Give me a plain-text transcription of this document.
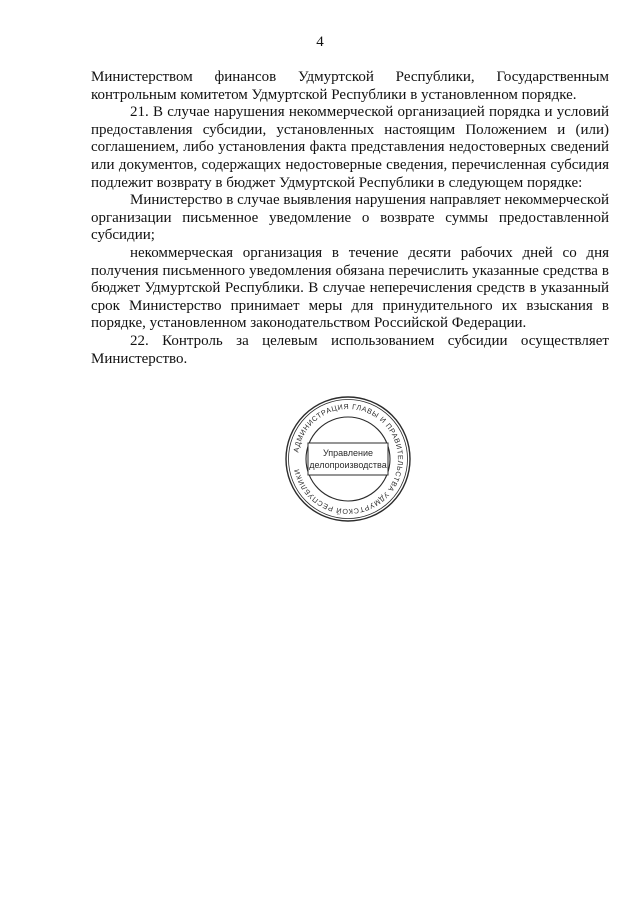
4

Министерством финансов Удмуртской Республики, Государственным контрольным комитетом Удмуртской Республики в установленном порядке.

21. В случае нарушения некоммерческой организацией порядка и условий предоставления субсидии, установленных настоящим Положением и (или) соглашением, либо установления факта представления недостоверных сведений или документов, содержащих недостоверные сведения, перечисленная субсидия подлежит возврату в бюджет Удмуртской Республики в следующем порядке:

Министерство в случае выявления нарушения направляет некоммерческой организации письменное уведомление о возврате суммы предоставленной субсидии;

некоммерческая организация в течение десяти рабочих дней со дня получения письменного уведомления обязана перечислить указанные средства в бюджет Удмуртской Республики. В случае неперечисления средств в указанный срок Министерство принимает меры для принудительного их взыскания в порядке, установленном законодательством Российской Федерации.

22. Контроль за целевым использованием субсидии осуществляет Министерство.

АДМИНИСТРАЦИЯ ГЛАВЫ И ПРАВИТЕЛЬСТВА УДМУРТСКОЙ РЕСПУБЛИКИ
Управление
делопроизводства
